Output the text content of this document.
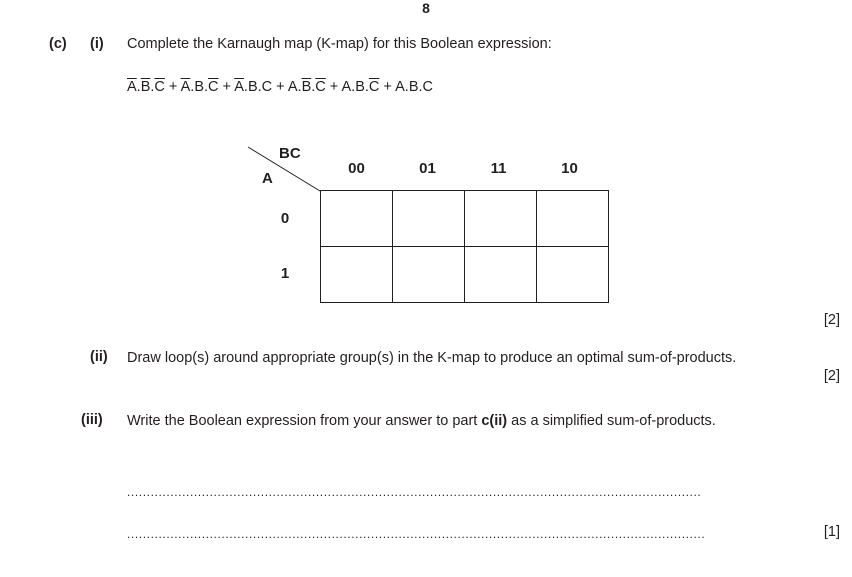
8
(c) (i) Complete the Karnaugh map (K-map) for this Boolean expression:
$\overline{A}.\overline{B}.\overline{C} + \overline{A}.B.\overline{C} + \overline{A}.B.C + A.\overline{B}.\overline{C} + A.B.\overline{C} + A.B.C$
BC
A
00	01	11	10
0
1

[2]
(ii) Draw loop(s) around appropriate group(s) in the K-map to produce an optimal sum-of-products.
[2]
(iii) Write the Boolean expression from your answer to part c(ii) as a simplified sum-of-products.
..................................................................................................................................................
...................................................................................................................................................	[1]
